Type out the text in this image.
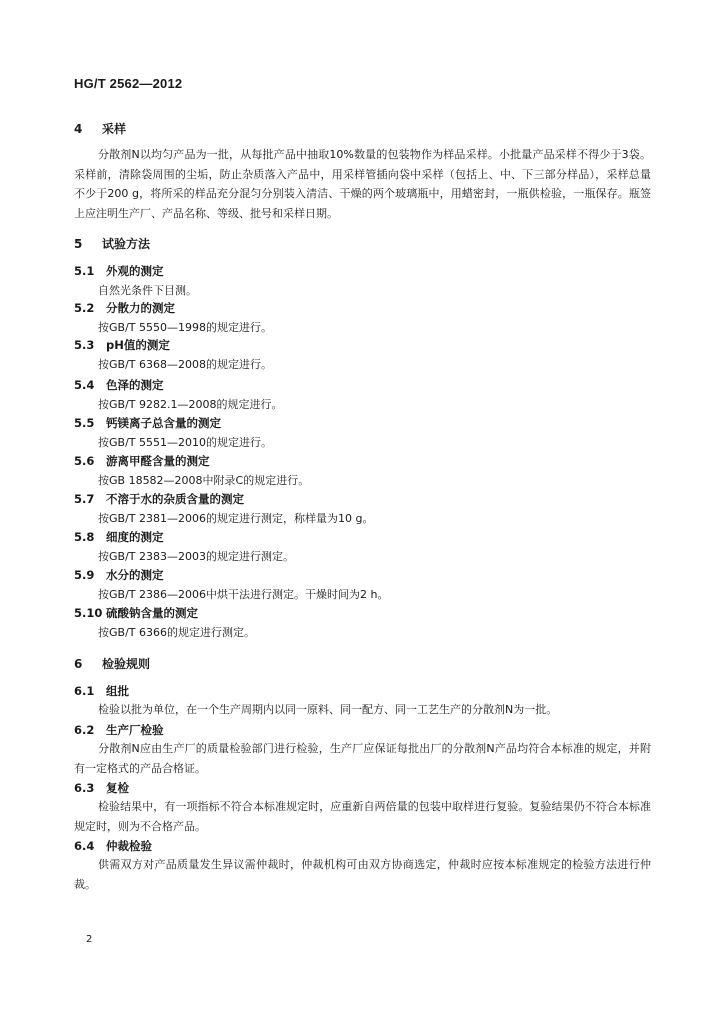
HG/T 2562—2012
4 采样
分散剂N以均匀产品为一批，从每批产品中抽取10%数量的包装物作为样品采样。小批量产品采样不得少于3袋。采样前，清除袋周围的尘垢，防止杂质落入产品中，用采样管插向袋中采样（包括上、中、下三部分样品），采样总量不少于200 g，将所采的样品充分混匀分别装入清洁、干燥的两个玻璃瓶中，用蜡密封，一瓶供检验，一瓶保存。瓶签上应注明生产厂、产品名称、等级、批号和采样日期。
5 试验方法
5.1 外观的测定
自然光条件下目测。
5.2 分散力的测定
按GB/T 5550—1998的规定进行。
5.3 pH值的测定
按GB/T 6368—2008的规定进行。
5.4 色泽的测定
按GB/T 9282.1—2008的规定进行。
5.5 钙镁离子总含量的测定
按GB/T 5551—2010的规定进行。
5.6 游离甲醛含量的测定
按GB 18582—2008中附录C的规定进行。
5.7 不溶于水的杂质含量的测定
按GB/T 2381—2006的规定进行测定，称样量为10 g。
5.8 细度的测定
按GB/T 2383—2003的规定进行测定。
5.9 水分的测定
按GB/T 2386—2006中烘干法进行测定。干燥时间为2 h。
5.10 硫酸钠含量的测定
按GB/T 6366的规定进行测定。
6 检验规则
6.1 组批
检验以批为单位，在一个生产周期内以同一原料、同一配方、同一工艺生产的分散剂N为一批。
6.2 生产厂检验
分散剂N应由生产厂的质量检验部门进行检验，生产厂应保证每批出厂的分散剂N产品均符合本标准的规定，并附有一定格式的产品合格证。
6.3 复检
检验结果中，有一项指标不符合本标准规定时，应重新自两倍量的包装中取样进行复验。复验结果仍不符合本标准规定时，则为不合格产品。
6.4 仲裁检验
供需双方对产品质量发生异议需仲裁时，仲裁机构可由双方协商选定，仲裁时应按本标准规定的检验方法进行仲裁。
2
